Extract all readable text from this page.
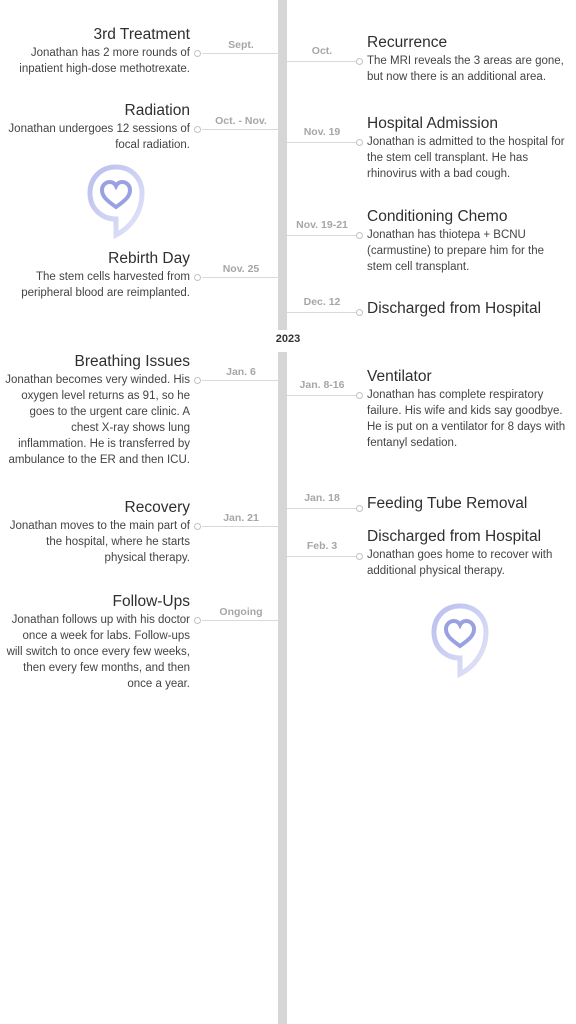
2023
3rd Treatment
Jonathan has 2 more rounds of inpatient high-dose methotrexate.
Radiation
Jonathan undergoes 12 sessions of focal radiation.
Rebirth Day
The stem cells harvested from peripheral blood are reimplanted.
Breathing Issues
Jonathan becomes very winded. His oxygen level returns as 91, so he goes to the urgent care clinic. A chest X-ray shows lung inflammation. He is transferred by ambulance to the ER and then ICU.
Recovery
Jonathan moves to the main part of the hospital, where he starts physical therapy.
Follow-Ups
Jonathan follows up with his doctor once a week for labs. Follow-ups will switch to once every few weeks, then every few months, and then once a year.
Recurrence
The MRI reveals the 3 areas are gone, but now there is an additional area.
Hospital Admission
Jonathan is admitted to the hospital for the stem cell transplant. He has rhinovirus with a bad cough.
Conditioning Chemo
Jonathan has thiotepa + BCNU (carmustine) to prepare him for the stem cell transplant.
Discharged from Hospital
Ventilator
Jonathan has complete respiratory failure. His wife and kids say goodbye. He is put on a ventilator for 8 days with fentanyl sedation.
Feeding Tube Removal
Discharged from Hospital
Jonathan goes home to recover with additional physical therapy.
Sept.	Oct.
Oct. - Nov.
Nov. 19
Nov. 19-21
Nov. 25
Dec. 12
Jan. 6
Jan. 8-16
Jan. 18
Jan. 21
Feb. 3
Ongoing
